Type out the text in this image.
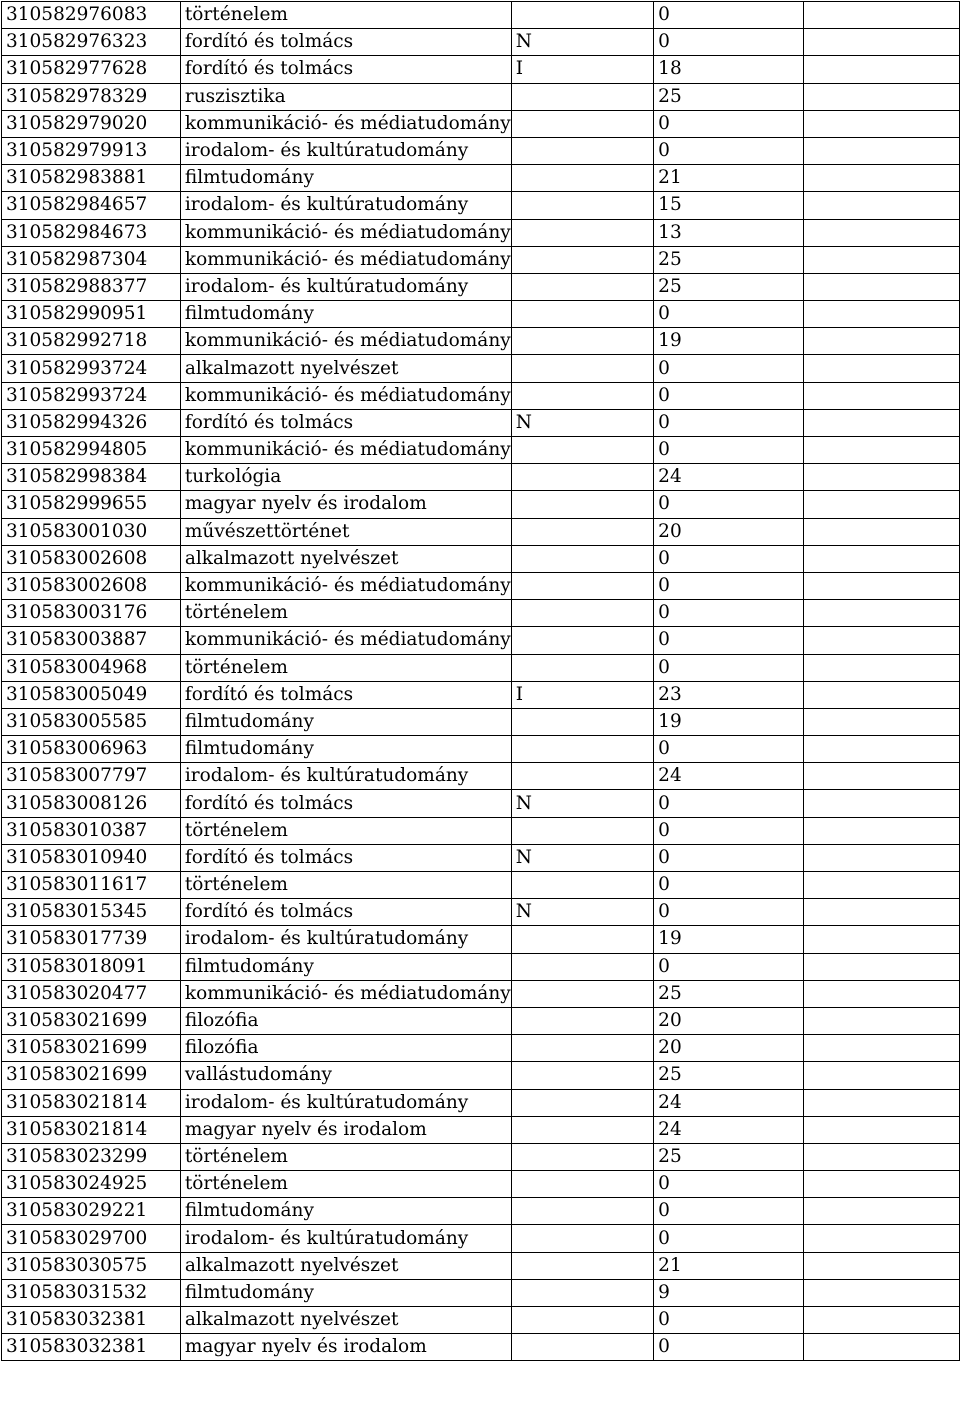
310582976083	történelem		0	
310582976323	fordító és tolmács	N	0	
310582977628	fordító és tolmács	I	18	
310582978329	ruszisztika		25	
310582979020	kommunikáció- és médiatudomány		0	
310582979913	irodalom- és kultúratudomány		0	
310582983881	filmtudomány		21	
310582984657	irodalom- és kultúratudomány		15	
310582984673	kommunikáció- és médiatudomány		13	
310582987304	kommunikáció- és médiatudomány		25	
310582988377	irodalom- és kultúratudomány		25	
310582990951	filmtudomány		0	
310582992718	kommunikáció- és médiatudomány		19	
310582993724	alkalmazott nyelvészet		0	
310582993724	kommunikáció- és médiatudomány		0	
310582994326	fordító és tolmács	N	0	
310582994805	kommunikáció- és médiatudomány		0	
310582998384	turkológia		24	
310582999655	magyar nyelv és irodalom		0	
310583001030	művészettörténet		20	
310583002608	alkalmazott nyelvészet		0	
310583002608	kommunikáció- és médiatudomány		0	
310583003176	történelem		0	
310583003887	kommunikáció- és médiatudomány		0	
310583004968	történelem		0	
310583005049	fordító és tolmács	I	23	
310583005585	filmtudomány		19	
310583006963	filmtudomány		0	
310583007797	irodalom- és kultúratudomány		24	
310583008126	fordító és tolmács	N	0	
310583010387	történelem		0	
310583010940	fordító és tolmács	N	0	
310583011617	történelem		0	
310583015345	fordító és tolmács	N	0	
310583017739	irodalom- és kultúratudomány		19	
310583018091	filmtudomány		0	
310583020477	kommunikáció- és médiatudomány		25	
310583021699	filozófia		20	
310583021699	filozófia		20	
310583021699	vallástudomány		25	
310583021814	irodalom- és kultúratudomány		24	
310583021814	magyar nyelv és irodalom		24	
310583023299	történelem		25	
310583024925	történelem		0	
310583029221	filmtudomány		0	
310583029700	irodalom- és kultúratudomány		0	
310583030575	alkalmazott nyelvészet		21	
310583031532	filmtudomány		9	
310583032381	alkalmazott nyelvészet		0	
310583032381	magyar nyelv és irodalom		0	
